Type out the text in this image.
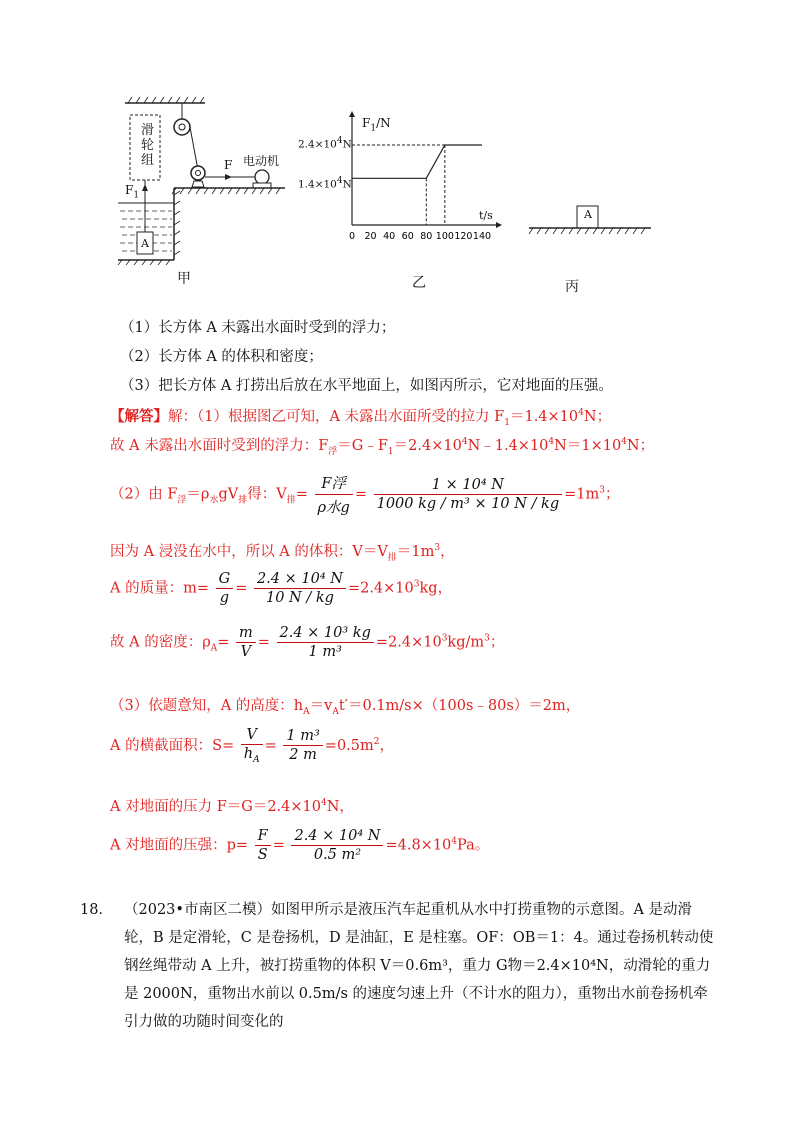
滑
轮
组	F
$F_1$
电动机
A
甲
0 20 40 60 80 100 120 140
$F_1/N$
$2.4\times 10^4N$
$1.4\times 10^4N$
t/s
乙
A
丙
（1）长方体 A 未露出水面时受到的浮力；
（2）长方体 A 的体积和密度；
（3）把长方体 A 打捞出后放在水平地面上，如图丙所示，它对地面的压强。
【解答】解：（1）根据图乙可知，A 未露出水面所受的拉力 $F_1=1.4\times 10^4N$；
故 A 未露出水面时受到的浮力：$F_浮=G﹣F_1=2.4\times 10^4N﹣1.4\times 10^4N=1\times 10^4N$；
（2）由 $F_浮=\rho_水gV_排$得：$V_排= \frac{\text{F浮}}{\text{ρ水g}} = \frac{\text{1 × 10⁴ N}}{\text{1000 kg / m³ × 10 N / kg}} =1m^3$；
因为 A 浸没在水中，所以 A 的体积：$V=V_排=1m^3$，
A 的质量：$m= \frac{G}{g} = \frac{\text{2.4 × 10⁴ N}}{10 N / kg} =2.4\times 10^3kg$，
故 A 的密度：$\rho_A= \frac{m}{V} = \frac{\text{2.4 × 10³ kg}}{\text{1 m³}} =2.4\times 10^3kg/m^3$；
（3）依题意知，A 的高度：$h_A=v_At'=0.1m/s\times(100s﹣80s)=2m$，
A 的横截面积：$S= \frac{V}{h_A} = \frac{\text{1 m³}}{2 m} =0.5m^2$，
A 对地面的压力 $F=G=2.4\times 10^4N$，
A 对地面的压强：$p= \frac{F}{S} = \frac{\text{2.4 × 10⁴ N}}{\text{0.5 m²}} =4.8\times 10^4Pa$。
18． （2023•市南区二模）如图甲所示是液压汽车起重机从水中打捞重物的示意图。A 是动滑轮，B 是定滑轮，C 是卷扬机，D 是油缸，E 是柱塞。OF：OB＝1：4。通过卷扬机转动使钢丝绳带动 A 上升，被打捞重物的体积 V＝0.6m³，重力 G物＝2.4×10⁴N，动滑轮的重力是 2000N，重物出水前以 0.5m/s 的速度匀速上升（不计水的阻力），重物出水前卷扬机牵引力做的功随时间变化的
